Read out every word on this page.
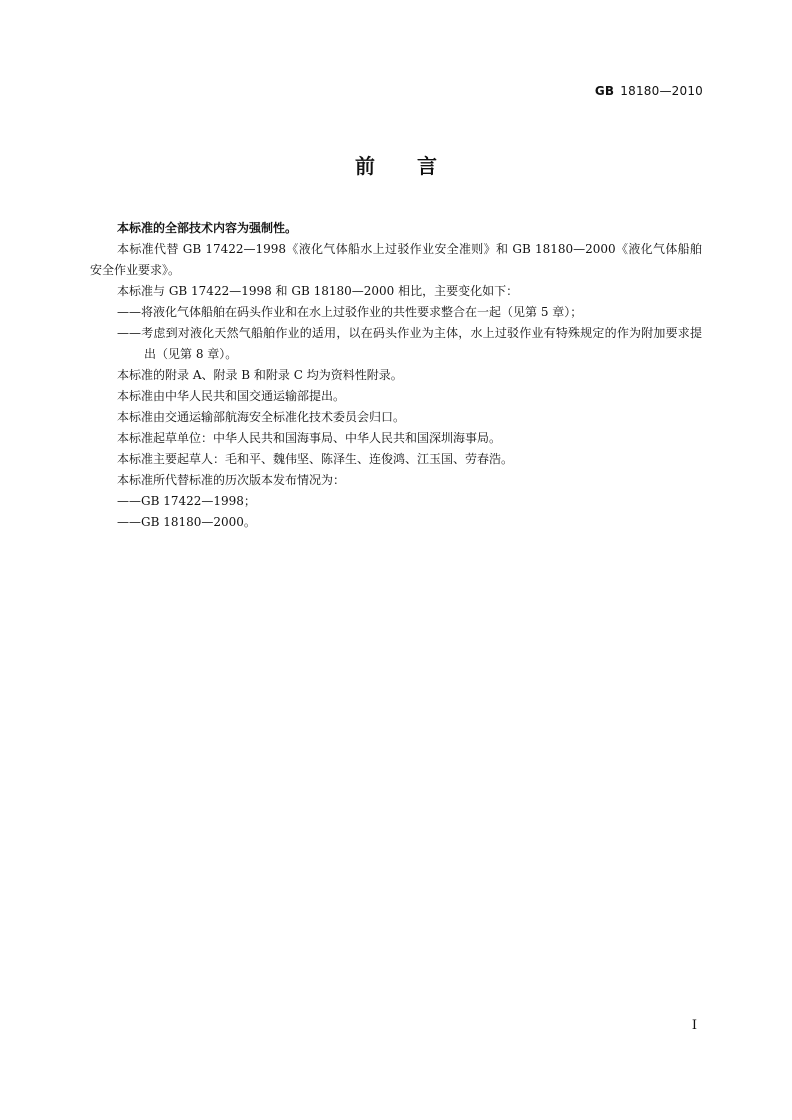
GB 18180—2010
前言

本标准的全部技术内容为强制性。

本标准代替 GB 17422—1998《液化气体船水上过驳作业安全准则》和 GB 18180—2000《液化气体船舶安全作业要求》。

本标准与 GB 17422—1998 和 GB 18180—2000 相比，主要变化如下：

——将液化气体船舶在码头作业和在水上过驳作业的共性要求整合在一起（见第 5 章）；

——考虑到对液化天然气船舶作业的适用，以在码头作业为主体，水上过驳作业有特殊规定的作为附加要求提出（见第 8 章）。

本标准的附录 A、附录 B 和附录 C 均为资料性附录。

本标准由中华人民共和国交通运输部提出。

本标准由交通运输部航海安全标准化技术委员会归口。

本标准起草单位：中华人民共和国海事局、中华人民共和国深圳海事局。

本标准主要起草人：毛和平、魏伟坚、陈泽生、连俊鸿、江玉国、劳春浩。

本标准所代替标准的历次版本发布情况为：

——GB 17422—1998；

——GB 18180—2000。

I
